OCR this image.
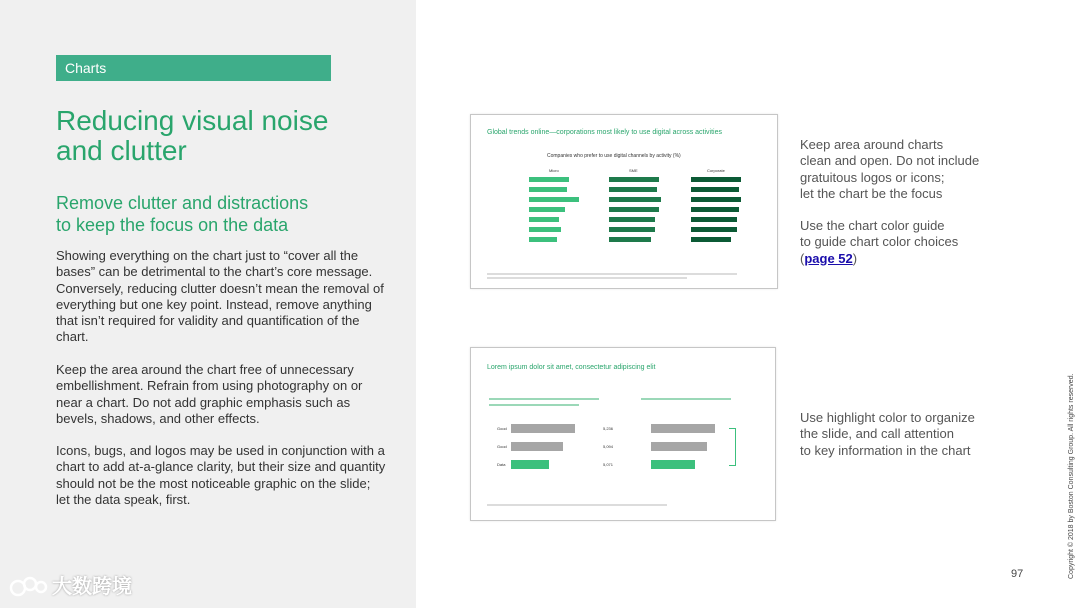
Charts
Reducing visual noise
and clutter
Remove clutter and distractions
to keep the focus on the data

Showing everything on the chart just to “cover all the bases” can be detrimental to the chart’s core message. Conversely, reducing clutter doesn’t mean the removal of everything but one key point. Instead, remove anything that isn’t required for validity and quantification of the chart.

Keep the area around the chart free of unnecessary embellishment. Refrain from using photography on or near a chart. Do not add graphic emphasis such as bevels, shadows, and other effects.

Icons, bugs, and logos may be used in conjunction with a chart to add at-a-glance clarity, but their size and quantity should not be the most noticeable graphic on the slide; let the data speak, first.

大数跨境
Global trends online—corporations most likely to use digital across activities
Companies who prefer to use digital channels by activity (%)
Micro	SME	Corporate
Lorem ipsum dolor sit amet, consectetur adipiscing elit
Good
Good
Data
5,236
5,094
5,071

Keep area around charts
clean and open. Do not include
gratuitous logos or icons;
let the chart be the focus

Use the chart color guide
to guide chart color choices
(page 52)

Use highlight color to organize
the slide, and call attention
to key information in the chart

97	Copyright © 2018 by Boston Consulting Group. All rights reserved.
